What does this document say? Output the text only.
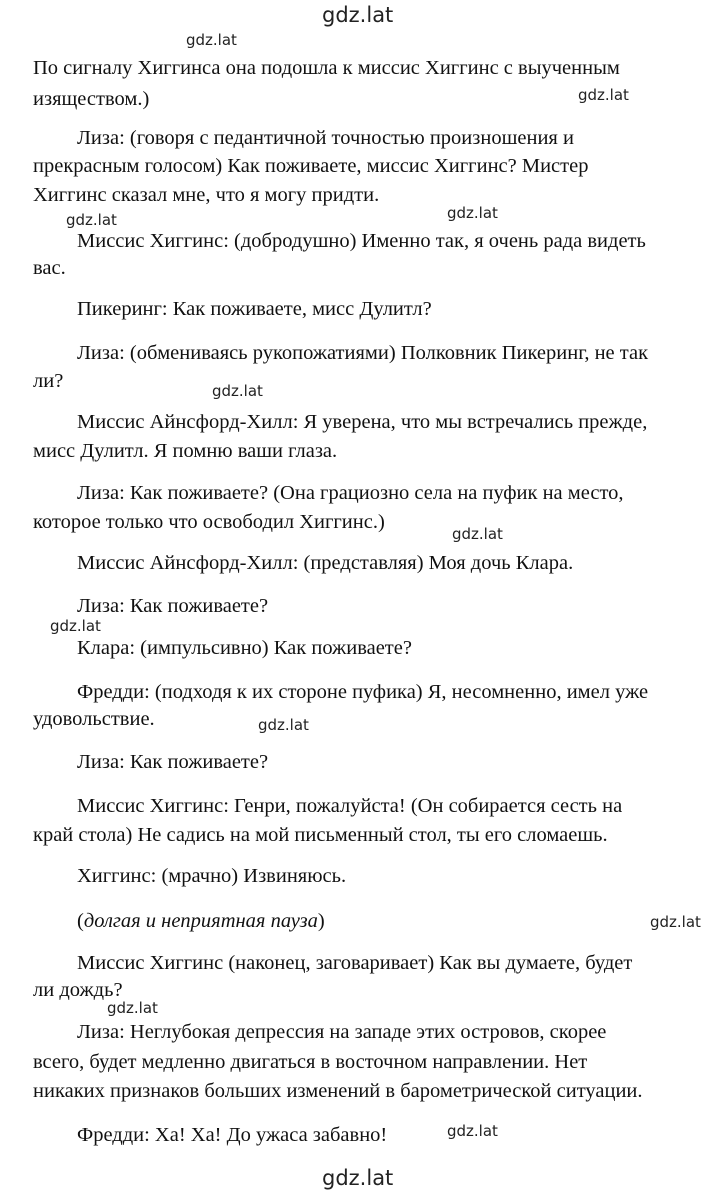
gdz.lat
gdz.lat
gdz.lat
gdz.lat	gdz.lat
gdz.lat
gdz.lat
gdz.lat
gdz.lat
gdz.lat
gdz.lat
gdz.lat
gdz.lat
По сигналу Хиггинса она подошла к миссис Хиггинс с выученным
изяществом.)
Лиза: (говоря с педантичной точностью произношения и
прекрасным голосом) Как поживаете, миссис Хиггинс? Мистер
Хиггинс сказал мне, что я могу придти.
Миссис Хиггинс: (добродушно) Именно так, я очень рада видеть
вас.
Пикеринг: Как поживаете, мисс Дулитл?
Лиза: (обмениваясь рукопожатиями) Полковник Пикеринг, не так
ли?
Миссис Айнсфорд-Хилл: Я уверена, что мы встречались прежде,
мисс Дулитл. Я помню ваши глаза.
Лиза: Как поживаете? (Она грациозно села на пуфик на место,
которое только что освободил Хиггинс.)
Миссис Айнсфорд-Хилл: (представляя) Моя дочь Клара.
Лиза: Как поживаете?
Клара: (импульсивно) Как поживаете?
Фредди: (подходя к их стороне пуфика) Я, несомненно, имел уже
удовольствие.
Лиза: Как поживаете?
Миссис Хиггинс: Генри, пожалуйста! (Он собирается сесть на
край стола) Не садись на мой письменный стол, ты его сломаешь.
Хиггинс: (мрачно) Извиняюсь.
(долгая и неприятная пауза)
Миссис Хиггинс (наконец, заговаривает) Как вы думаете, будет
ли дождь?
Лиза: Неглубокая депрессия на западе этих островов, скорее
всего, будет медленно двигаться в восточном направлении. Нет
никаких признаков больших изменений в барометрической ситуации.
Фредди: Ха! Ха! До ужаса забавно!
